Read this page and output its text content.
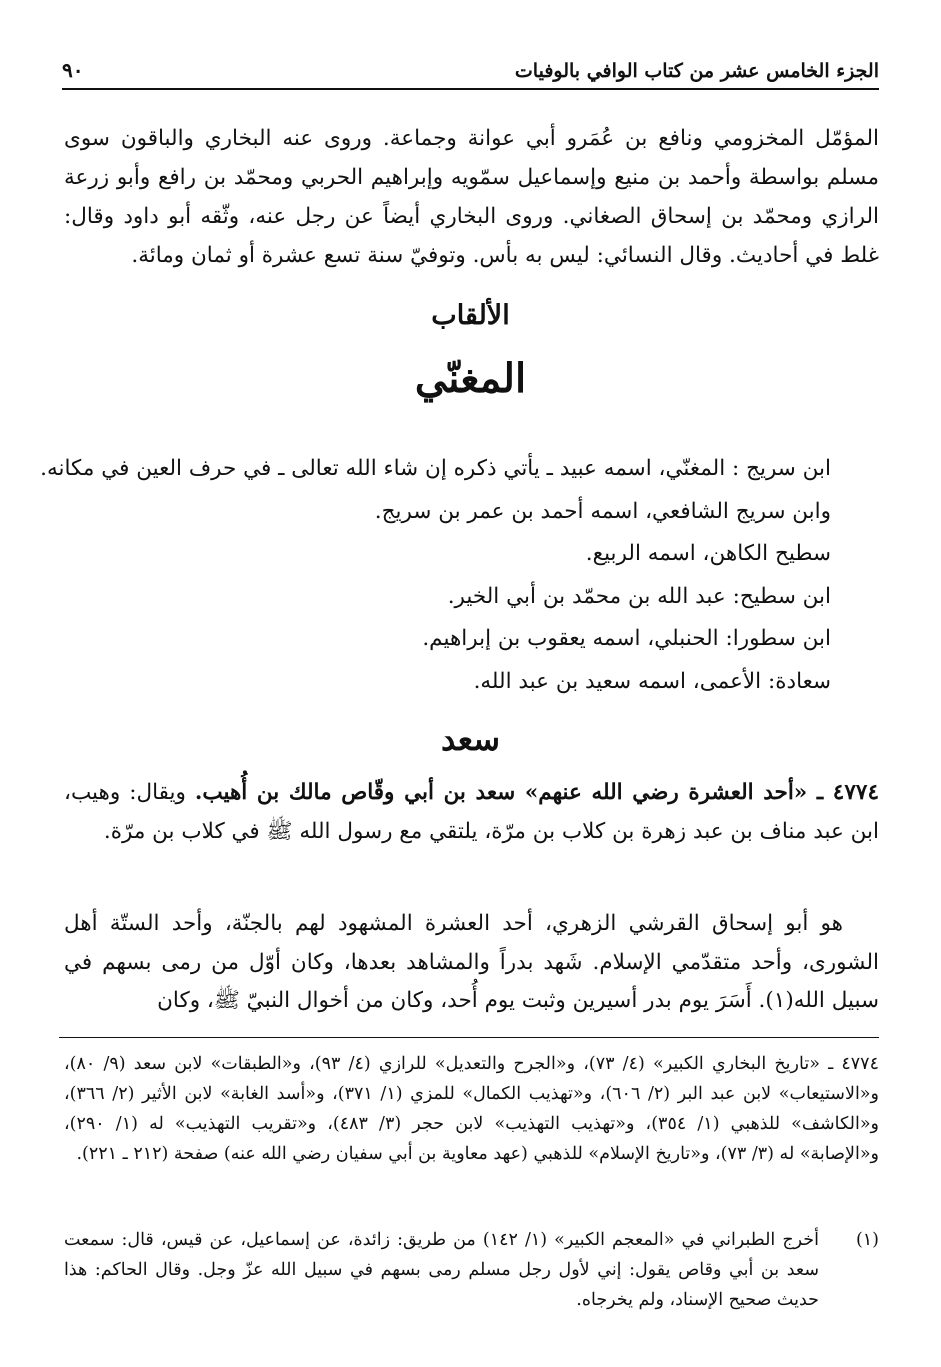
الجزء الخامس عشر من كتاب الوافي بالوفيات
٩٠

المؤمّل المخزومي ونافع بن عُمَرو أبي عوانة وجماعة. وروى عنه البخاري والباقون سوى مسلم بواسطة وأحمد بن منيع وإسماعيل سمّويه وإبراهيم الحربي ومحمّد بن رافع وأبو زرعة الرازي ومحمّد بن إسحاق الصغاني. وروى البخاري أيضاً عن رجل عنه، وثّقه أبو داود وقال: غلط في أحاديث. وقال النسائي: ليس به بأس. وتوفيّ سنة تسع عشرة أو ثمان ومائة.

الألقاب
المغنّي
ابن سريج : المغنّي، اسمه عبيد ـ يأتي ذكره إن شاء الله تعالى ـ في حرف العين في مكانه.
وابن سريج الشافعي، اسمه أحمد بن عمر بن سريج.
سطيح الكاهن، اسمه الربيع.
ابن سطيح: عبد الله بن محمّد بن أبي الخير.
ابن سطورا: الحنبلي، اسمه يعقوب بن إبراهيم.
سعادة: الأعمى، اسمه سعيد بن عبد الله.
سعد

٤٧٧٤ ـ «أحد العشرة رضي الله عنهم» سعد بن أبي وقّاص مالك بن أُهيب. ويقال: وهيب، ابن عبد مناف بن عبد زهرة بن كلاب بن مرّة، يلتقي مع رسول الله ﷺ في كلاب بن مرّة.

هو أبو إسحاق القرشي الزهري، أحد العشرة المشهود لهم بالجنّة، وأحد الستّة أهل الشورى، وأحد متقدّمي الإسلام. شَهد بدراً والمشاهد بعدها، وكان أوّل من رمى بسهم في سبيل الله(١). أَسَرَ يوم بدر أسيرين وثبت يوم أُحد، وكان من أخوال النبيّ ﷺ، وكان

٤٧٧٤ ـ «تاريخ البخاري الكبير» (٤/ ٧٣)، و«الجرح والتعديل» للرازي (٤/ ٩٣)، و«الطبقات» لابن سعد (٩/ ٨٠)، و«الاستيعاب» لابن عبد البر (٢/ ٦٠٦)، و«تهذيب الكمال» للمزي (١/ ٣٧١)، و«أسد الغابة» لابن الأثير (٢/ ٣٦٦)، و«الكاشف» للذهبي (١/ ٣٥٤)، و«تهذيب التهذيب» لابن حجر (٣/ ٤٨٣)، و«تقريب التهذيب» له (١/ ٢٩٠)، و«الإصابة» له (٣/ ٧٣)، و«تاريخ الإسلام» للذهبي (عهد معاوية بن أبي سفيان رضي الله عنه) صفحة (٢١٢ ـ ٢٢١).

(١)
أخرج الطبراني في «المعجم الكبير» (١/ ١٤٢) من طريق: زائدة، عن إسماعيل، عن قيس، قال: سمعت سعد بن أبي وقاص يقول: إني لأول رجل مسلم رمى بسهم في سبيل الله عزّ وجل. وقال الحاكم: هذا حديث صحيح الإسناد، ولم يخرجاه.
